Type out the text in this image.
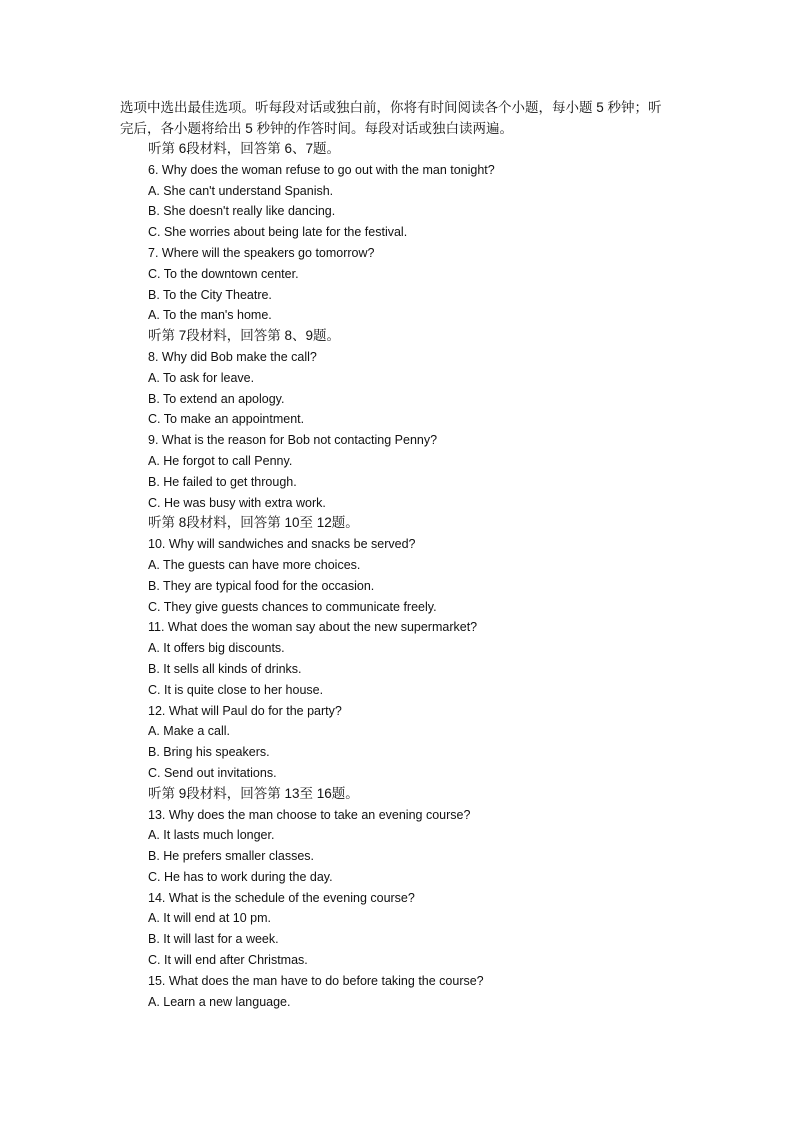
选项中选出最佳选项。听每段对话或独白前，你将有时间阅读各个小题，每小题 5 秒钟；听

完后，各小题将给出 5 秒钟的作答时间。每段对话或独白读两遍。

听第 6段材料，回答第 6、7题。

6. Why does the woman refuse to go out with the man tonight?

A. She can't understand Spanish.

B. She doesn't really like dancing.

C. She worries about being late for the festival.

7. Where will the speakers go tomorrow?

C. To the downtown center.

B. To the City Theatre.

A. To the man's home.

听第 7段材料，回答第 8、9题。

8. Why did Bob make the call?

A. To ask for leave.

B. To extend an apology.

C. To make an appointment.

9. What is the reason for Bob not contacting Penny?

A. He forgot to call Penny.

B. He failed to get through.

C. He was busy with extra work.

听第 8段材料，回答第 10至 12题。

10. Why will sandwiches and snacks be served?

A. The guests can have more choices.

B. They are typical food for the occasion.

C. They give guests chances to communicate freely.

11. What does the woman say about the new supermarket?

A. It offers big discounts.

B. It sells all kinds of drinks.

C. It is quite close to her house.

12. What will Paul do for the party?

A. Make a call.

B. Bring his speakers.

C. Send out invitations.

听第 9段材料，回答第 13至 16题。

13. Why does the man choose to take an evening course?

A. It lasts much longer.

B. He prefers smaller classes.

C. He has to work during the day.

14. What is the schedule of the evening course?

A. It will end at 10 pm.

B. It will last for a week.

C. It will end after Christmas.

15. What does the man have to do before taking the course?

A. Learn a new language.
